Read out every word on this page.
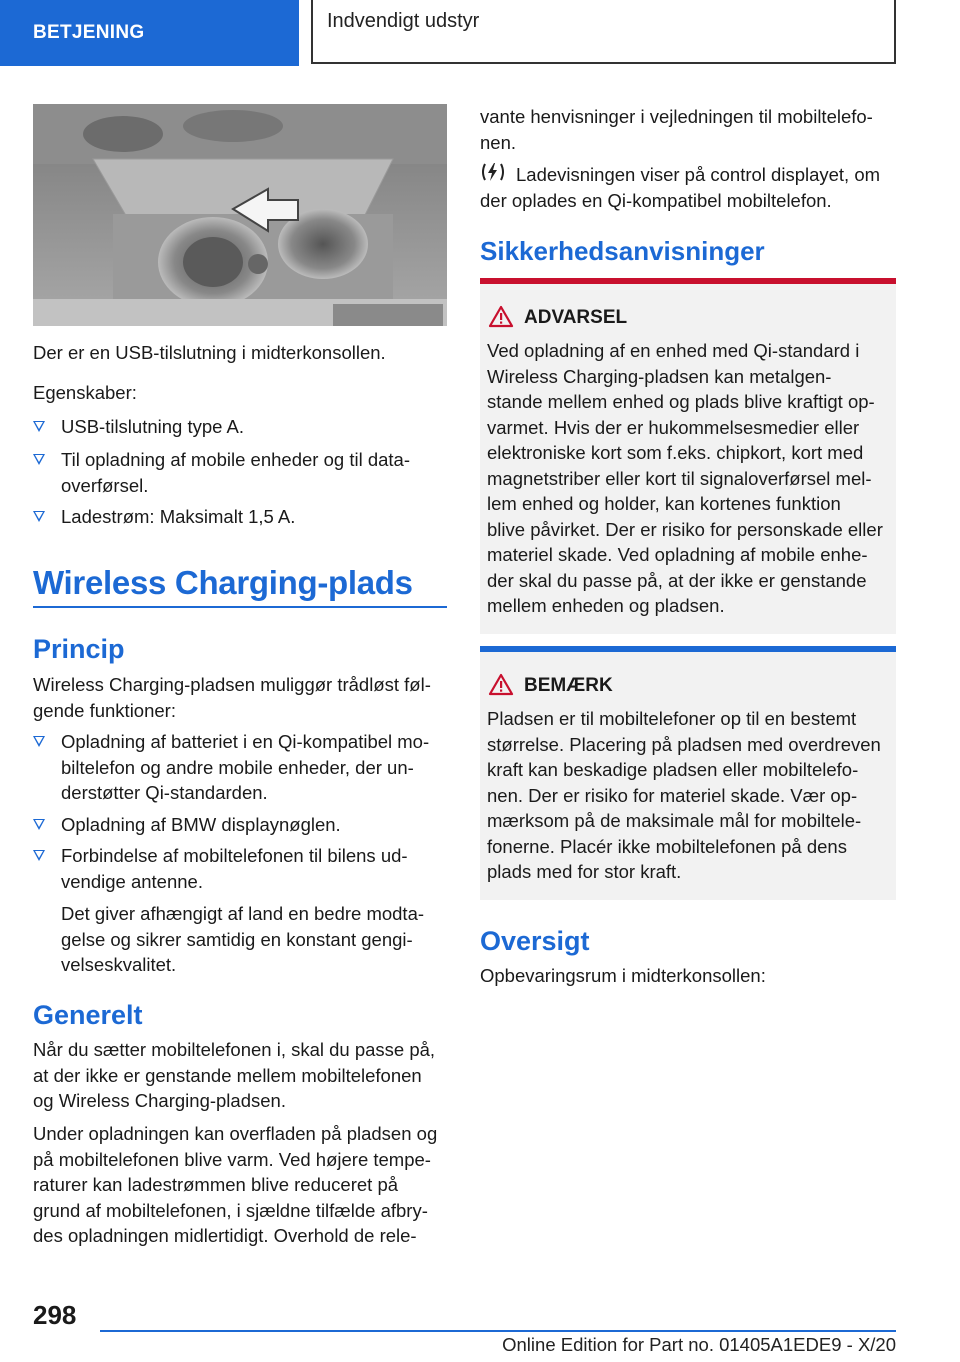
BETJENING
Indvendigt udstyr

Der er en USB-tilslutning i midterkonsollen.

Egenskaber:

USB-tilslutning type A.
Til opladning af mobile enheder og til data-
overførsel.
Ladestrøm: Maksimalt 1,5 A.
Wireless Charging-plads
Princip

Wireless Charging-pladsen muliggør trådløst føl-
gende funktioner:

Opladning af batteriet i en Qi-kompatibel mo-
biltelefon og andre mobile enheder, der un-
derstøtter Qi-standarden.
Opladning af BMW displaynøglen.
Forbindelse af mobiltelefonen til bilens ud-
vendige antenne.

Det giver afhængigt af land en bedre modta-
gelse og sikrer samtidig en konstant gengi-
velseskvalitet.

Generelt

Når du sætter mobiltelefonen i, skal du passe på,
at der ikke er genstande mellem mobiltelefonen
og Wireless Charging-pladsen.

Under opladningen kan overfladen på pladsen og
på mobiltelefonen blive varm. Ved højere tempe-
raturer kan ladestrømmen blive reduceret på
grund af mobiltelefonen, i sjældne tilfælde afbry-
des opladningen midlertidigt. Overhold de rele-

vante henvisninger i vejledningen til mobiltelefo-
nen.

Ladevisningen viser på control displayet, om
der oplades en Qi-kompatibel mobiltelefon.

Sikkerhedsanvisninger
ADVARSEL
Ved opladning af en enhed med Qi-standard i
Wireless Charging-pladsen kan metalgen-
stande mellem enhed og plads blive kraftigt op-
varmet. Hvis der er hukommelsesmedier eller
elektroniske kort som f.eks. chipkort, kort med
magnetstriber eller kort til signaloverførsel mel-
lem enhed og holder, kan kortenes funktion
blive påvirket. Der er risiko for personskade eller
materiel skade. Ved opladning af mobile enhe-
der skal du passe på, at der ikke er genstande
mellem enheden og pladsen.
BEMÆRK
Pladsen er til mobiltelefoner op til en bestemt
størrelse. Placering på pladsen med overdreven
kraft kan beskadige pladsen eller mobiltelefo-
nen. Der er risiko for materiel skade. Vær op-
mærksom på de maksimale mål for mobiltele-
fonerne. Placér ikke mobiltelefonen på dens
plads med for stor kraft.
Oversigt

Opbevaringsrum i midterkonsollen:

298
Online Edition for Part no. 01405A1EDE9 - X/20
